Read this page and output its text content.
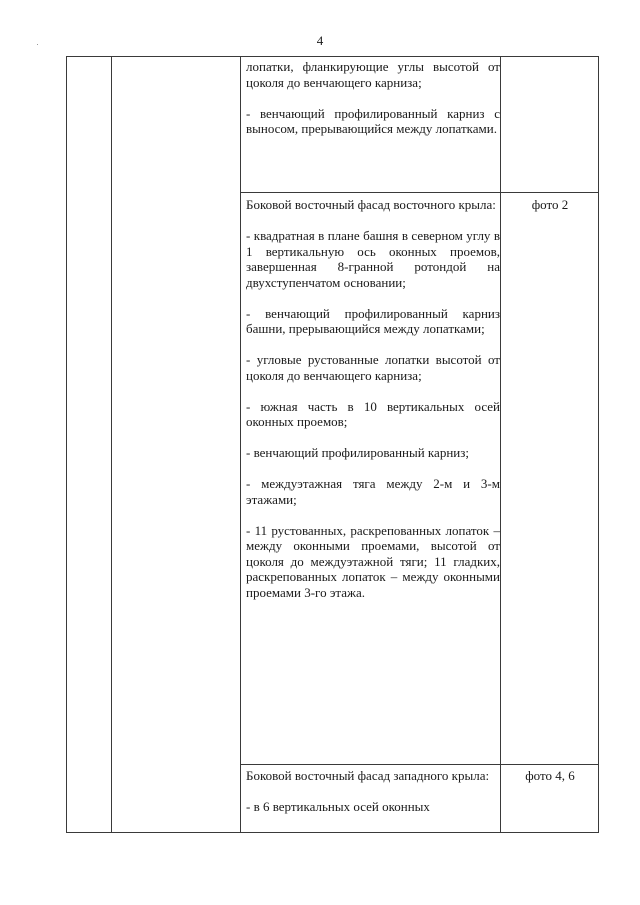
4

лопатки, фланкирующие углы высотой от цоколя до венчающего карниза;

- венчающий профилированный карниз с выносом, прерывающийся между лопатками.

Боковой восточный фасад восточного крыла:

- квадратная в плане башня в северном углу в 1 вертикальную ось оконных проемов, завершенная 8-гранной ротондой на двухступенчатом основании;

- венчающий профилированный карниз башни, прерывающийся между лопатками;

- угловые рустованные лопатки высотой от цоколя до венчающего карниза;

- южная часть в 10 вертикальных осей оконных проемов;

- венчающий профилированный карниз;

- междуэтажная тяга между 2-м и 3-м этажами;

- 11 рустованных, раскрепованных лопаток – между оконными проемами, высотой от цоколя до междуэтажной тяги; 11 гладких, раскрепованных лопаток – между оконными проемами 3-го этажа.

фото 2

Боковой восточный фасад западного крыла:

- в 6 вертикальных осей оконных

фото 4, 6
